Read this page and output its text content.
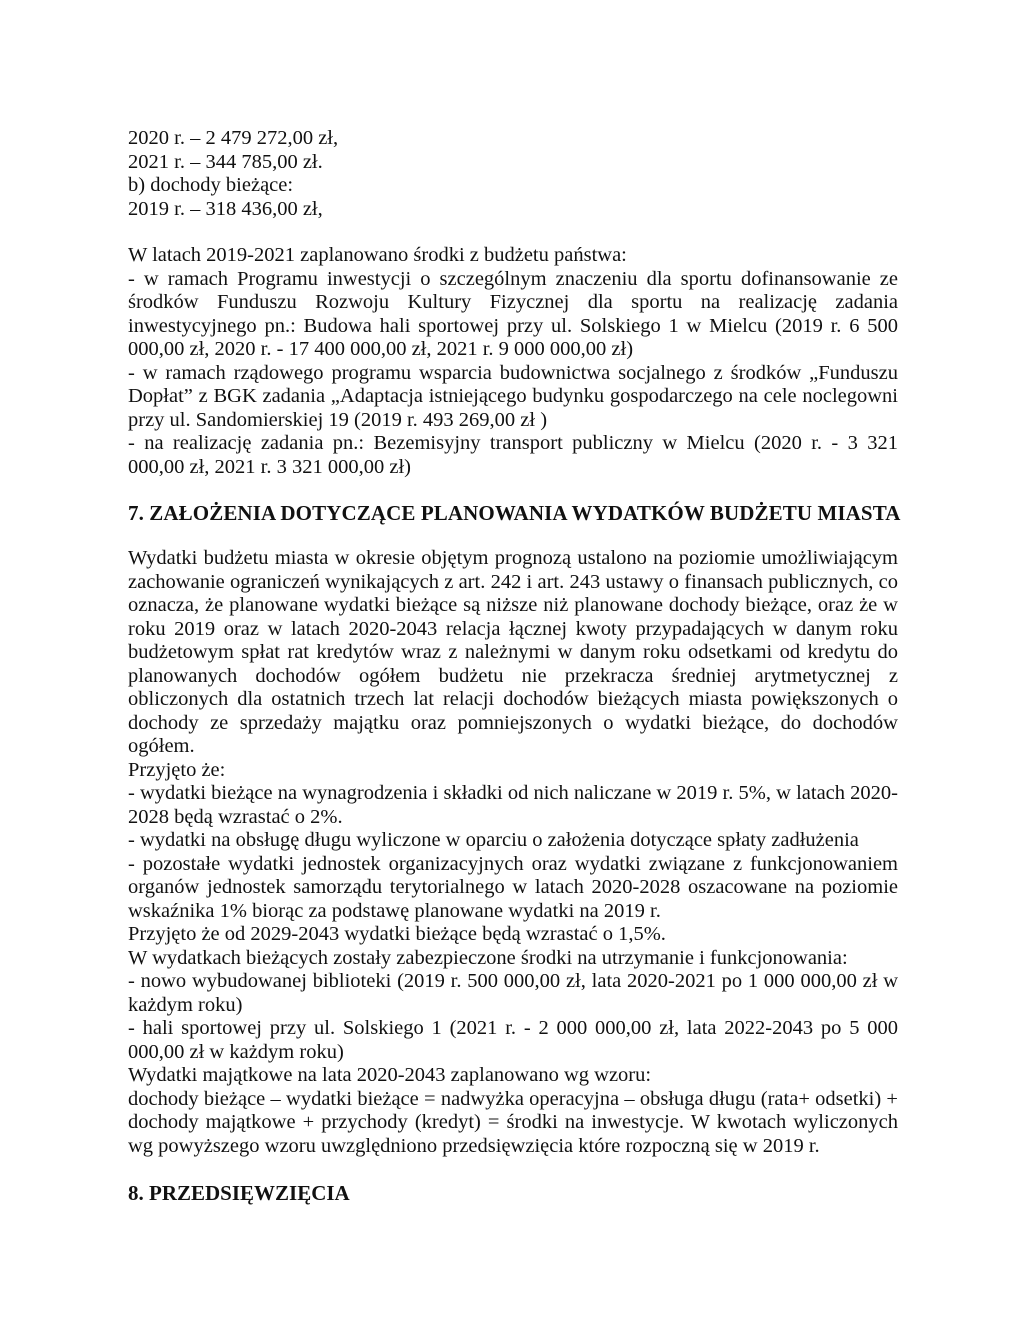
2020 r. – 2 479 272,00 zł,
2021 r. – 344 785,00 zł.
b) dochody bieżące:
2019 r. – 318 436,00 zł,
W latach 2019-2021 zaplanowano środki z budżetu państwa:
- w ramach Programu inwestycji o szczególnym znaczeniu dla sportu dofinansowanie ze środków Funduszu Rozwoju Kultury Fizycznej dla sportu na realizację zadania inwestycyjnego pn.: Budowa hali sportowej przy ul. Solskiego 1 w Mielcu (2019 r. 6 500 000,00 zł, 2020 r. - 17 400 000,00 zł, 2021 r. 9 000 000,00 zł)
- w ramach rządowego programu wsparcia budownictwa socjalnego z środków „Funduszu Dopłat” z BGK zadania „Adaptacja istniejącego budynku gospodarczego na cele noclegowni przy ul. Sandomierskiej 19 (2019 r. 493 269,00 zł )
- na realizację zadania pn.: Bezemisyjny transport publiczny w Mielcu (2020 r. - 3 321 000,00 zł, 2021 r. 3 321 000,00 zł)
7. ZAŁOŻENIA DOTYCZĄCE PLANOWANIA WYDATKÓW BUDŻETU MIASTA
Wydatki budżetu miasta w okresie objętym prognozą ustalono na poziomie umożliwiającym zachowanie ograniczeń wynikających z art. 242 i art. 243 ustawy o finansach publicznych, co oznacza, że planowane wydatki bieżące są niższe niż planowane dochody bieżące, oraz że w roku 2019 oraz w latach 2020-2043 relacja łącznej kwoty przypadających w danym roku budżetowym spłat rat kredytów wraz z należnymi w danym roku odsetkami od kredytu do planowanych dochodów ogółem budżetu nie przekracza średniej arytmetycznej z obliczonych dla ostatnich trzech lat relacji dochodów bieżących miasta powiększonych o dochody ze sprzedaży majątku oraz pomniejszonych o wydatki bieżące, do dochodów ogółem.
Przyjęto że:
- wydatki bieżące na wynagrodzenia i składki od nich naliczane w 2019 r. 5%, w latach 2020-2028 będą wzrastać o 2%.
- wydatki na obsługę długu wyliczone w oparciu o założenia dotyczące spłaty zadłużenia
- pozostałe wydatki jednostek organizacyjnych oraz wydatki związane z funkcjonowaniem organów jednostek samorządu terytorialnego w latach 2020-2028 oszacowane na poziomie wskaźnika 1% biorąc za podstawę planowane wydatki na 2019 r.
Przyjęto że od 2029-2043 wydatki bieżące będą wzrastać o 1,5%.
W wydatkach bieżących zostały zabezpieczone środki na utrzymanie i funkcjonowania:
- nowo wybudowanej biblioteki (2019 r. 500 000,00 zł, lata 2020-2021 po 1 000 000,00 zł w każdym roku)
- hali sportowej przy ul. Solskiego 1 (2021 r. - 2 000 000,00 zł, lata 2022-2043 po 5 000 000,00 zł w każdym roku)
Wydatki majątkowe na lata 2020-2043 zaplanowano wg wzoru:
dochody bieżące – wydatki bieżące = nadwyżka operacyjna – obsługa długu (rata+ odsetki) + dochody majątkowe + przychody (kredyt) = środki na inwestycje. W kwotach wyliczonych wg powyższego wzoru uwzględniono przedsięwzięcia które rozpoczną się w 2019 r.
8. PRZEDSIĘWZIĘCIA
